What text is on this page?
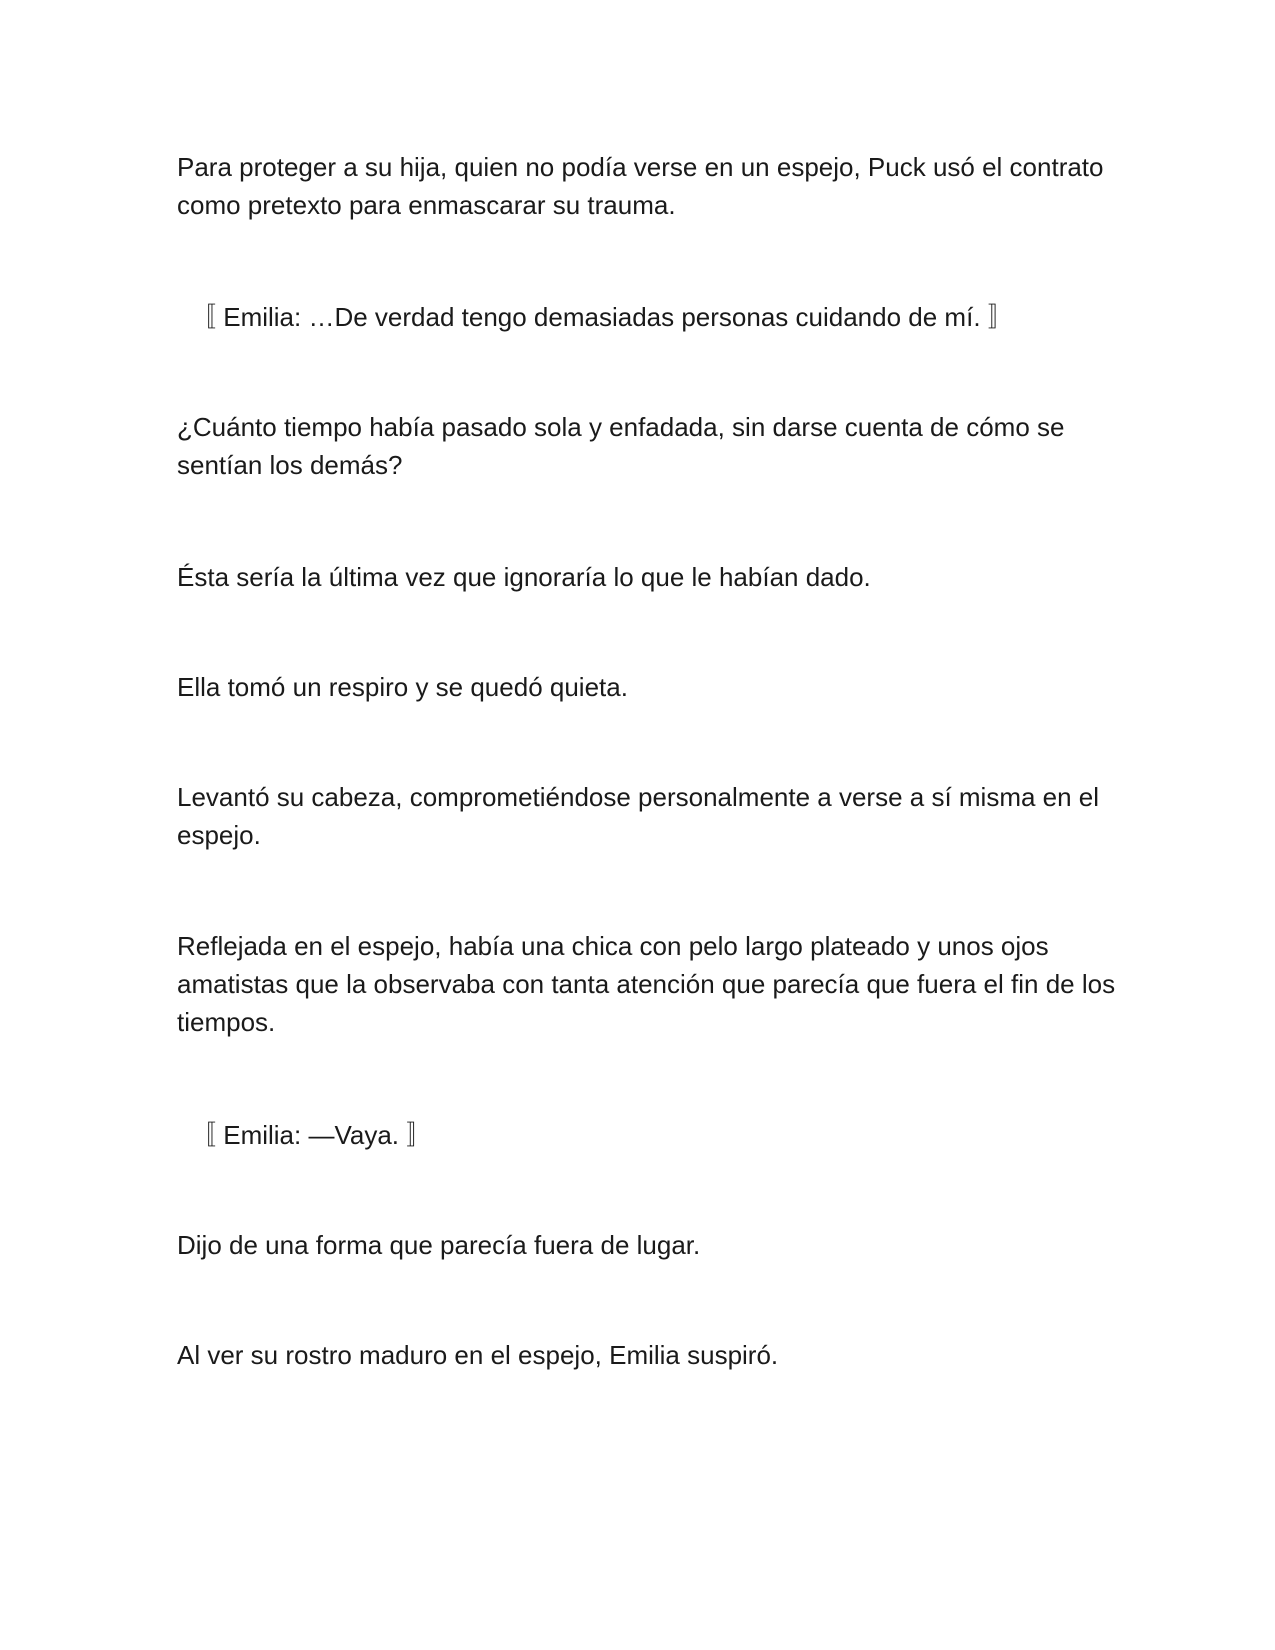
Para proteger a su hija, quien no podía verse en un espejo, Puck usó el contrato como pretexto para enmascarar su trauma.

〚 Emilia: …De verdad tengo demasiadas personas cuidando de mí. 〛

¿Cuánto tiempo había pasado sola y enfadada, sin darse cuenta de cómo se sentían los demás?

Ésta sería la última vez que ignoraría lo que le habían dado.

Ella tomó un respiro y se quedó quieta.

Levantó su cabeza, comprometiéndose personalmente a verse a sí misma en el espejo.

Reflejada en el espejo, había una chica con pelo largo plateado y unos ojos amatistas que la observaba con tanta atención que parecía que fuera el fin de los tiempos.

〚 Emilia: —Vaya. 〛

Dijo de una forma que parecía fuera de lugar.

Al ver su rostro maduro en el espejo, Emilia suspiró.
